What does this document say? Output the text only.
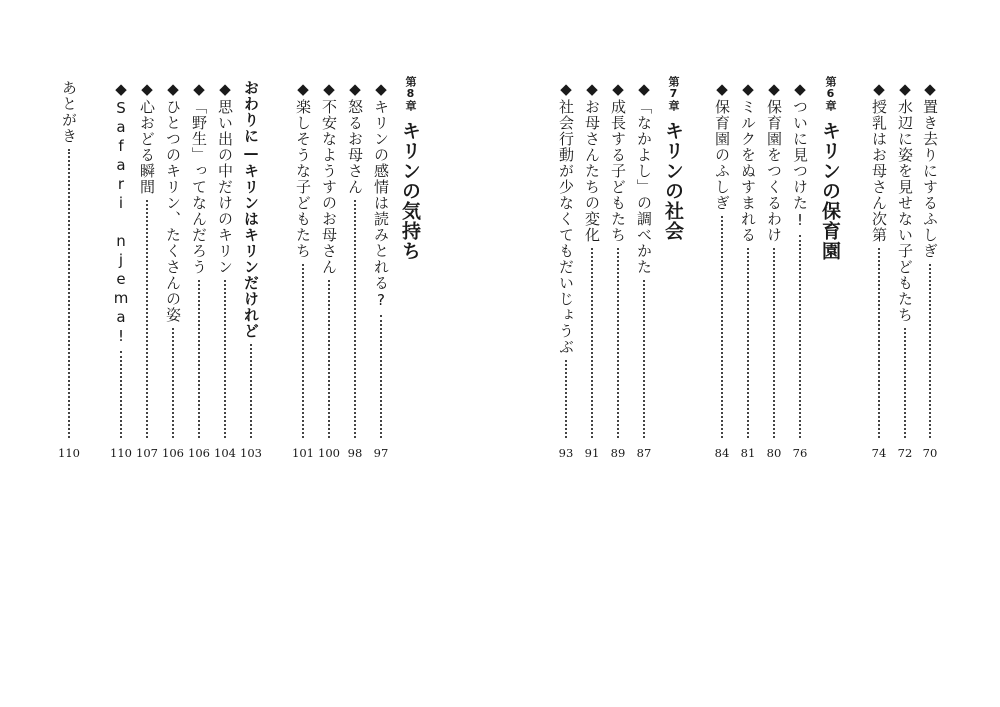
◆置き去りにするふしぎ
70
◆水辺に姿を見せない子どもたち
72
◆授乳はお母さん次第
74
第6章
キリンの保育園
◆ついに見つけた!
76
◆保育園をつくるわけ
80
◆ミルクをぬすまれる
81
◆保育園のふしぎ
84
第7章
キリンの社会
◆「なかよし」の調べかた
87
◆成長する子どもたち
89
◆お母さんたちの変化
91
◆社会行動が少なくてもだいじょうぶ
93
第8章
キリンの気持ち
◆キリンの感情は読みとれる?
97
◆怒るお母さん
98
◆不安なようすのお母さん
100
◆楽しそうな子どもたち
101
おわりに—キリンはキリンだけれど
103
◆思い出の中だけのキリン
104
◆「野生」ってなんだろう
106
◆ひとつのキリン、たくさんの姿
106
◆心おどる瞬間
107
◆Safari njema!
110
あとがき
110
